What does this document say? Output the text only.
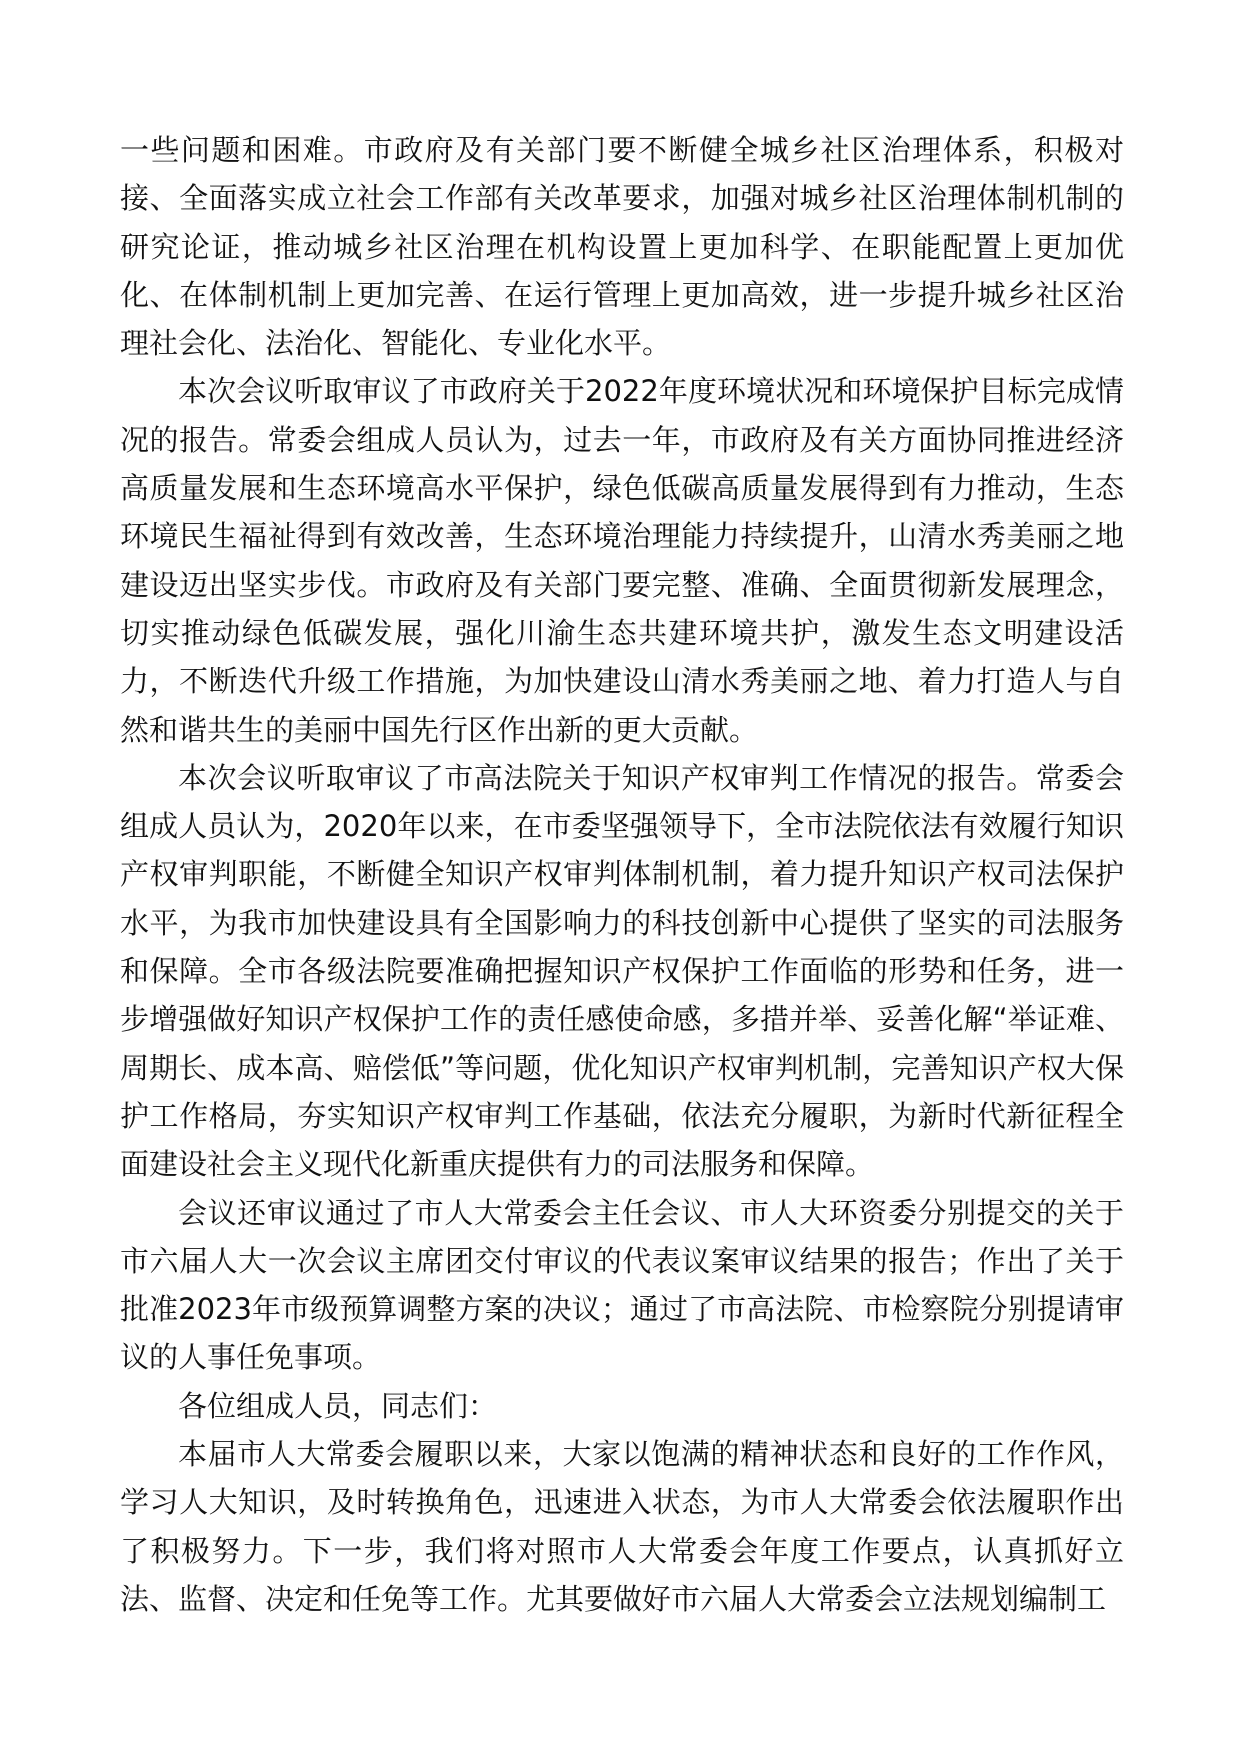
一些问题和困难。市政府及有关部门要不断健全城乡社区治理体系，积极对接、全面落实成立社会工作部有关改革要求，加强对城乡社区治理体制机制的研究论证，推动城乡社区治理在机构设置上更加科学、在职能配置上更加优化、在体制机制上更加完善、在运行管理上更加高效，进一步提升城乡社区治理社会化、法治化、智能化、专业化水平。

本次会议听取审议了市政府关于2022年度环境状况和环境保护目标完成情况的报告。常委会组成人员认为，过去一年，市政府及有关方面协同推进经济高质量发展和生态环境高水平保护，绿色低碳高质量发展得到有力推动，生态环境民生福祉得到有效改善，生态环境治理能力持续提升，山清水秀美丽之地建设迈出坚实步伐。市政府及有关部门要完整、准确、全面贯彻新发展理念，切实推动绿色低碳发展，强化川渝生态共建环境共护，激发生态文明建设活力，不断迭代升级工作措施，为加快建设山清水秀美丽之地、着力打造人与自然和谐共生的美丽中国先行区作出新的更大贡献。

本次会议听取审议了市高法院关于知识产权审判工作情况的报告。常委会组成人员认为，2020年以来，在市委坚强领导下，全市法院依法有效履行知识产权审判职能，不断健全知识产权审判体制机制，着力提升知识产权司法保护水平，为我市加快建设具有全国影响力的科技创新中心提供了坚实的司法服务和保障。全市各级法院要准确把握知识产权保护工作面临的形势和任务，进一步增强做好知识产权保护工作的责任感使命感，多措并举、妥善化解“举证难、周期长、成本高、赔偿低”等问题，优化知识产权审判机制，完善知识产权大保护工作格局，夯实知识产权审判工作基础，依法充分履职，为新时代新征程全面建设社会主义现代化新重庆提供有力的司法服务和保障。

会议还审议通过了市人大常委会主任会议、市人大环资委分别提交的关于市六届人大一次会议主席团交付审议的代表议案审议结果的报告；作出了关于批准2023年市级预算调整方案的决议；通过了市高法院、市检察院分别提请审议的人事任免事项。

各位组成人员，同志们：

本届市人大常委会履职以来，大家以饱满的精神状态和良好的工作作风，学习人大知识，及时转换角色，迅速进入状态，为市人大常委会依法履职作出了积极努力。下一步，我们将对照市人大常委会年度工作要点，认真抓好立法、监督、决定和任免等工作。尤其要做好市六届人大常委会立法规划编制工
